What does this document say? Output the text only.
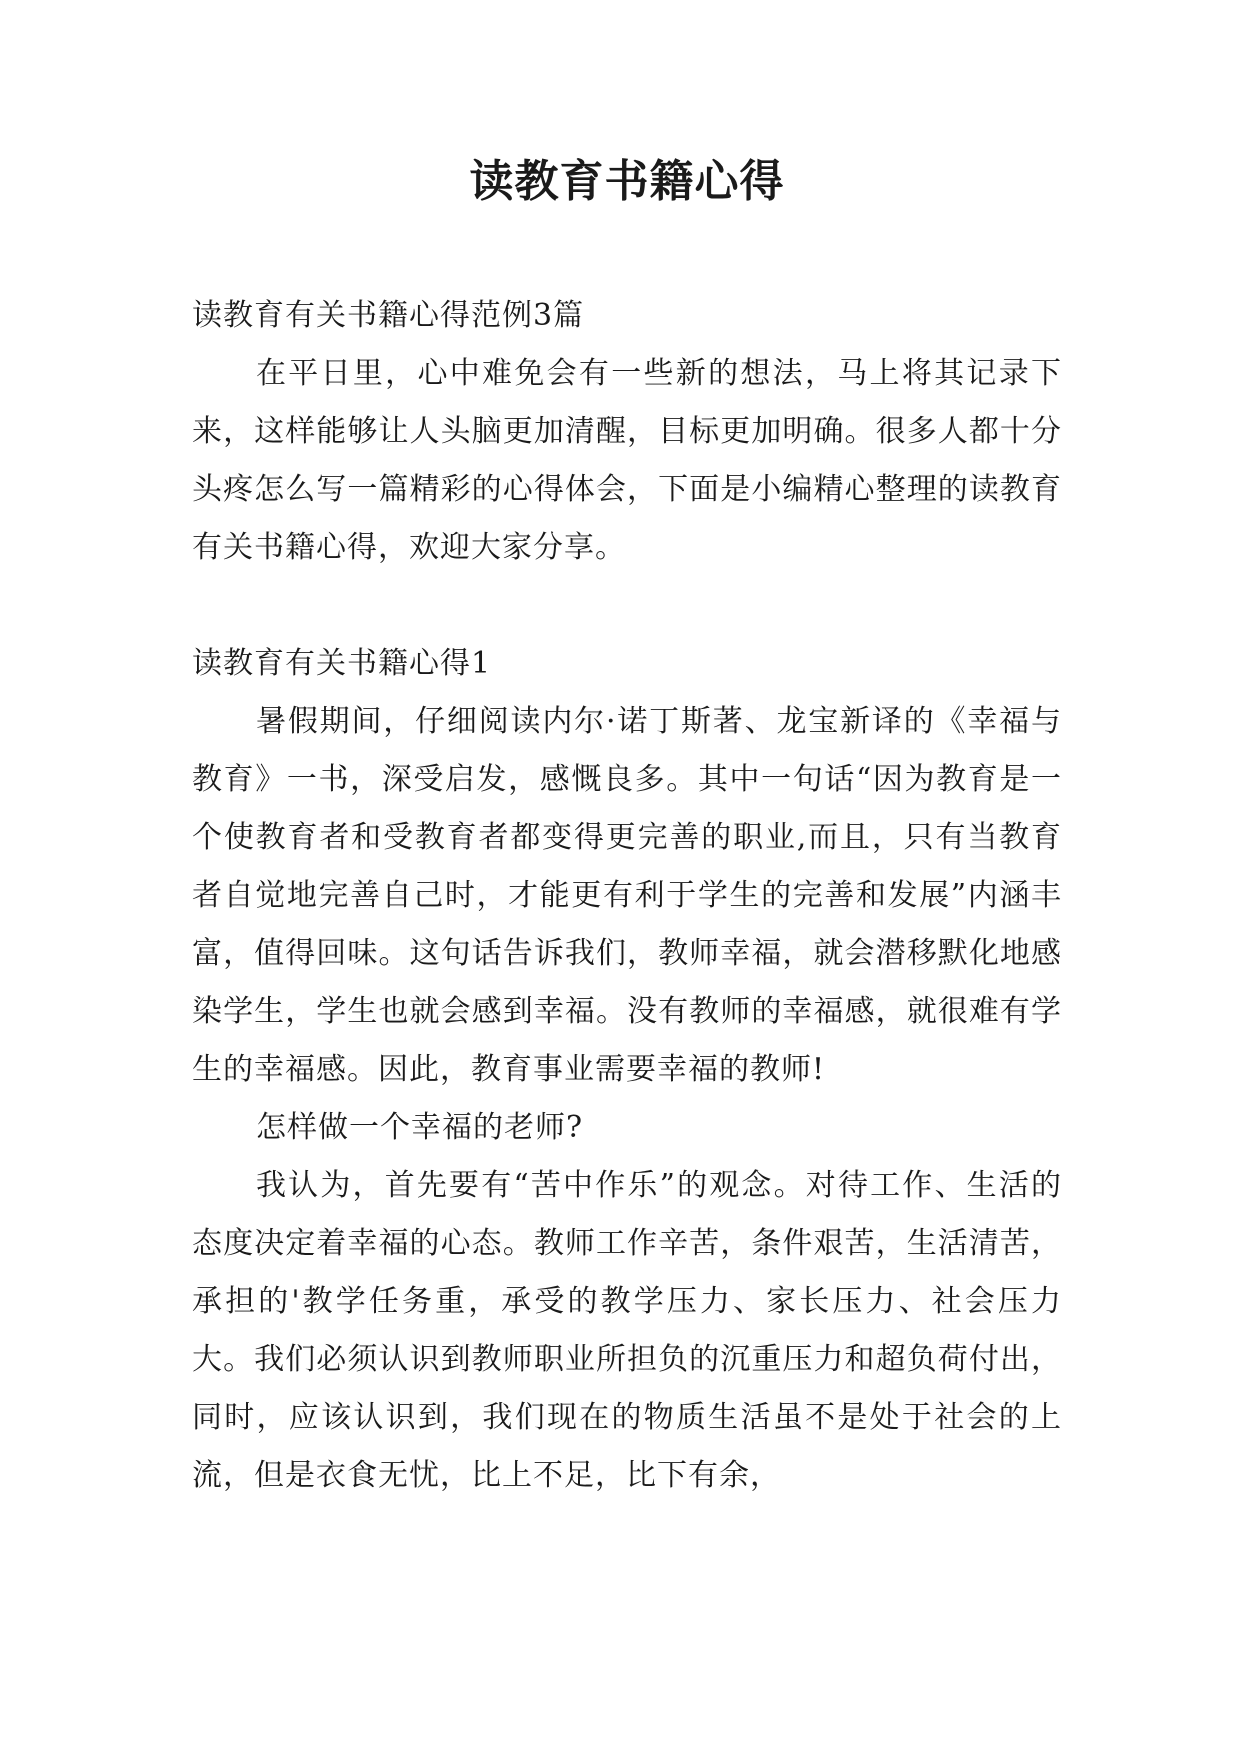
读教育书籍心得

读教育有关书籍心得范例3篇

在平日里，心中难免会有一些新的想法，马上将其记录下来，这样能够让人头脑更加清醒，目标更加明确。很多人都十分头疼怎么写一篇精彩的心得体会，下面是小编精心整理的读教育有关书籍心得，欢迎大家分享。

读教育有关书籍心得1

暑假期间，仔细阅读内尔·诺丁斯著、龙宝新译的《幸福与教育》一书，深受启发，感慨良多。其中一句话“因为教育是一个使教育者和受教育者都变得更完善的职业,而且，只有当教育者自觉地完善自己时，才能更有利于学生的完善和发展”内涵丰富，值得回味。这句话告诉我们，教师幸福，就会潜移默化地感染学生，学生也就会感到幸福。没有教师的幸福感，就很难有学生的幸福感。因此，教育事业需要幸福的教师!

怎样做一个幸福的老师?

我认为，首先要有“苦中作乐”的观念。对待工作、生活的态度决定着幸福的心态。教师工作辛苦，条件艰苦，生活清苦，承担的'教学任务重，承受的教学压力、家长压力、社会压力大。我们必须认识到教师职业所担负的沉重压力和超负荷付出，同时，应该认识到，我们现在的物质生活虽不是处于社会的上流，但是衣食无忧，比上不足，比下有余，
